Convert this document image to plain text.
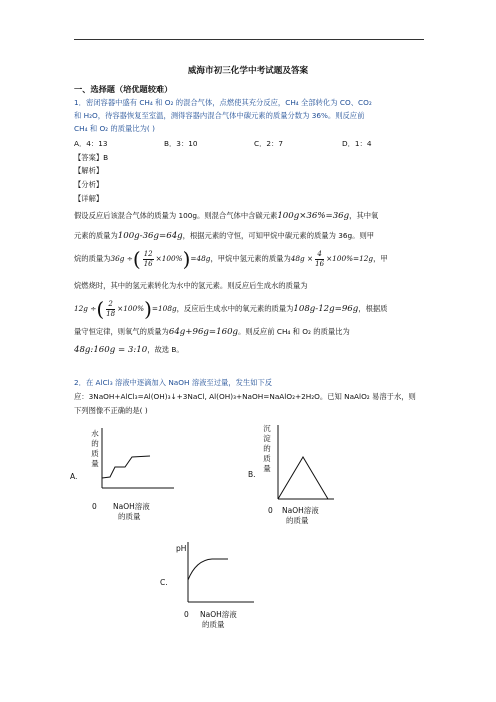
威海市初三化学中考试题及答案
一、选择题（培优题较难）
1．密闭容器中盛有 CH₄ 和 O₂ 的混合气体，点燃使其充分反应，CH₄ 全部转化为 CO、CO₂
和 H₂O，待容器恢复至室温，测得容器内混合气体中碳元素的质量分数为 36%。则反应前
CH₄ 和 O₂ 的质量比为( )
A．4：13	B．3：10	C．2：7	D．1：4
【答案】B
【解析】
【分析】
【详解】
假设反应后该混合气体的质量为 100g。则混合气体中含碳元素100g×36%=36g，其中氧
元素的质量为100g-36g=64g，根据元素的守恒，可知甲烷中碳元素的质量为 36g。则甲
烷的质量为36g ÷( $\frac{12}{16} \times 100\%)=48g$，甲烷中氢元素的质量为$48g \times \frac{4}{16} \times 100\%=12g$，甲
烷燃烧时，其中的氢元素转化为水中的氢元素。则反应后生成水的质量为
12g ÷( $\frac{2}{18} \times 100\%)=108g$，反应后生成水中的氧元素的质量为108g-12g=96g，根据质
量守恒定律，则氧气的质量为64g+96g=160g。则反应前 CH₄ 和 O₂ 的质量比为
48g:160g = 3:10，故选 B。
2．在 AlCl₃ 溶液中逐滴加入 NaOH 溶液至过量，发生如下反
应：3NaOH+AlCl₃=Al(OH)₃↓+3NaCl, Al(OH)₃+NaOH=NaAlO₂+2H₂O。已知 NaAlO₂ 易溶于水，则
下列图像不正确的是( )
A.
水
的
质
量
0 NaOH溶液
的质量
B.
沉
淀
的
质
量
0 NaOH溶液
的质量
C.
pH
0 NaOH溶液
的质量
